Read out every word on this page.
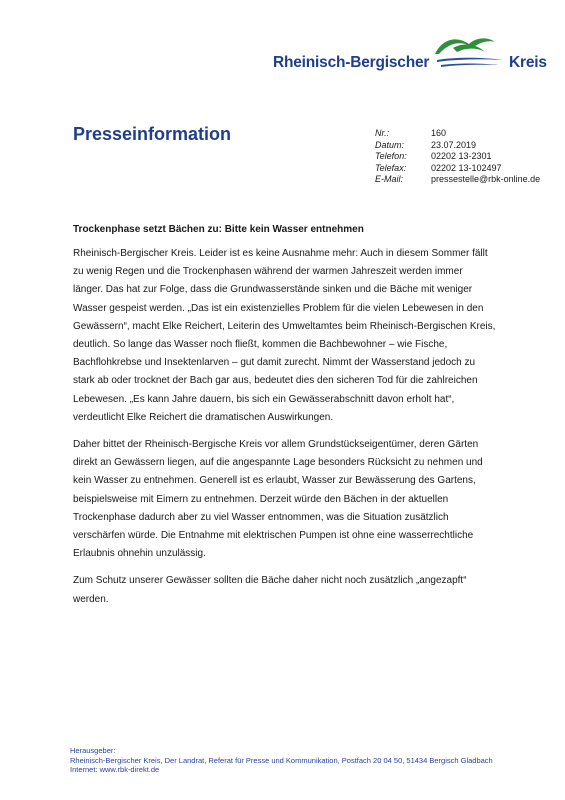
Rheinisch-Bergischer	Kreis
Presseinformation	Nr.:	160
Datum:	23.07.2019
Telefon:	02202 13-2301
Telefax:	02202 13-102497
E-Mail:	pressestelle@rbk-online.de
Trockenphase setzt Bächen zu: Bitte kein Wasser entnehmen
Rheinisch-Bergischer Kreis. Leider ist es keine Ausnahme mehr: Auch in diesem Sommer fällt
zu wenig Regen und die Trockenphasen während der warmen Jahreszeit werden immer
länger. Das hat zur Folge, dass die Grundwasserstände sinken und die Bäche mit weniger
Wasser gespeist werden. „Das ist ein existenzielles Problem für die vielen Lebewesen in den
Gewässern“, macht Elke Reichert, Leiterin des Umweltamtes beim Rheinisch-Bergischen Kreis,
deutlich. So lange das Wasser noch fließt, kommen die Bachbewohner – wie Fische,
Bachflohkrebse und Insektenlarven – gut damit zurecht. Nimmt der Wasserstand jedoch zu
stark ab oder trocknet der Bach gar aus, bedeutet dies den sicheren Tod für die zahlreichen
Lebewesen. „Es kann Jahre dauern, bis sich ein Gewässerabschnitt davon erholt hat“,
verdeutlicht Elke Reichert die dramatischen Auswirkungen.
Daher bittet der Rheinisch-Bergische Kreis vor allem Grundstückseigentümer, deren Gärten
direkt an Gewässern liegen, auf die angespannte Lage besonders Rücksicht zu nehmen und
kein Wasser zu entnehmen. Generell ist es erlaubt, Wasser zur Bewässerung des Gartens,
beispielsweise mit Eimern zu entnehmen. Derzeit würde den Bächen in der aktuellen
Trockenphase dadurch aber zu viel Wasser entnommen, was die Situation zusätzlich
verschärfen würde. Die Entnahme mit elektrischen Pumpen ist ohne eine wasserrechtliche
Erlaubnis ohnehin unzulässig.
Zum Schutz unserer Gewässer sollten die Bäche daher nicht noch zusätzlich „angezapft“
werden.
Herausgeber:
Rheinisch-Bergischer Kreis, Der Landrat, Referat für Presse und Kommunikation, Postfach 20 04 50, 51434 Bergisch Gladbach
Internet: www.rbk-direkt.de
